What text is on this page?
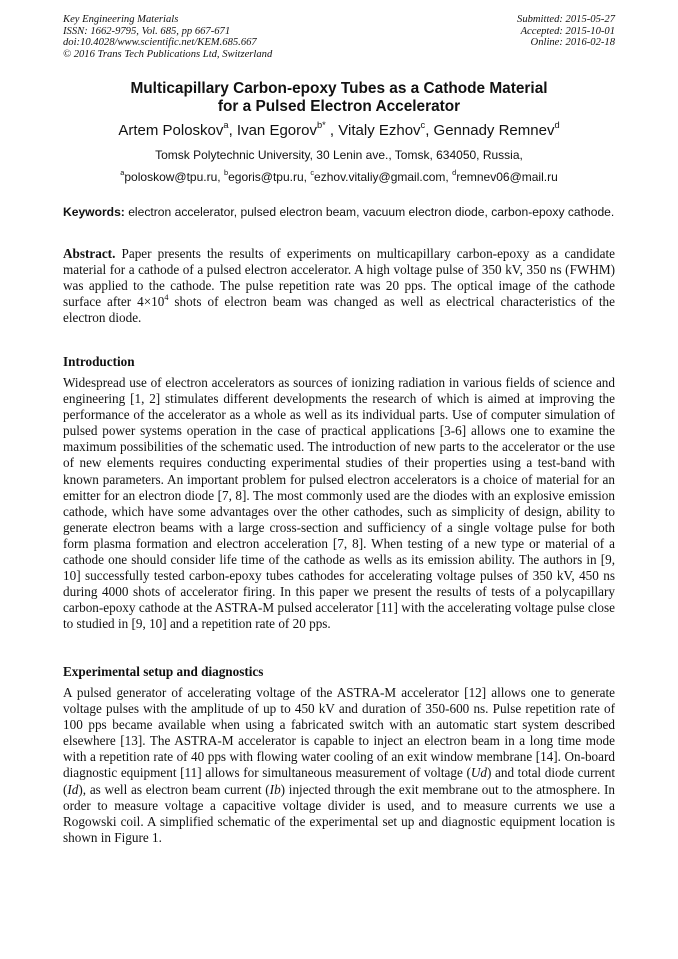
Key Engineering Materials
ISSN: 1662-9795, Vol. 685, pp 667-671
doi:10.4028/www.scientific.net/KEM.685.667
© 2016 Trans Tech Publications Ltd, Switzerland
Submitted: 2015-05-27
Accepted: 2015-10-01
Online: 2016-02-18
Multicapillary Carbon-epoxy Tubes as a Cathode Material
for a Pulsed Electron Accelerator
Artem Poloskov$^a$, Ivan Egorov$^{b*}$ , Vitaly Ezhov$^c$, Gennady Remnev$^d$
Tomsk Polytechnic University, 30 Lenin ave., Tomsk, 634050, Russia,
$^a$poloskow@tpu.ru, $^b$egoris@tpu.ru, $^c$ezhov.vitaliy@gmail.com, $^d$remnev06@mail.ru
Keywords: electron accelerator, pulsed electron beam, vacuum electron diode, carbon-epoxy cathode.
Abstract. Paper presents the results of experiments on multicapillary carbon-epoxy as a candidate material for a cathode of a pulsed electron accelerator. A high voltage pulse of 350 kV, 350 ns (FWHM) was applied to the cathode. The pulse repetition rate was 20 pps. The optical image of the cathode surface after $4\times 10^4$ shots of electron beam was changed as well as electrical characteristics of the electron diode.
Introduction
Widespread use of electron accelerators as sources of ionizing radiation in various fields of science and engineering [1, 2] stimulates different developments the research of which is aimed at improving the performance of the accelerator as a whole as well as its individual parts. Use of computer simulation of pulsed power systems operation in the case of practical applications [3-6] allows one to examine the maximum possibilities of the schematic used. The introduction of new parts to the accelerator or the use of new elements requires conducting experimental studies of their properties using a test-band with known parameters. An important problem for pulsed electron accelerators is a choice of material for an emitter for an electron diode [7, 8]. The most commonly used are the diodes with an explosive emission cathode, which have some advantages over the other cathodes, such as simplicity of design, ability to generate electron beams with a large cross-section and sufficiency of a single voltage pulse for both form plasma formation and electron acceleration [7, 8]. When testing of a new type or material of a cathode one should consider life time of the cathode as wells as its emission ability. The authors in [9, 10] successfully tested carbon-epoxy tubes cathodes for accelerating voltage pulses of 350 kV, 450 ns during 4000 shots of accelerator firing. In this paper we present the results of tests of a polycapillary carbon-epoxy cathode at the ASTRA-M pulsed accelerator [11] with the accelerating voltage pulse close to studied in [9, 10] and a repetition rate of 20 pps.
Experimental setup and diagnostics
A pulsed generator of accelerating voltage of the ASTRA-M accelerator [12] allows one to generate voltage pulses with the amplitude of up to 450 kV and duration of 350-600 ns. Pulse repetition rate of 100 pps became available when using a fabricated switch with an automatic start system described elsewhere [13]. The ASTRA-M accelerator is capable to inject an electron beam in a long time mode with a repetition rate of 40 pps with flowing water cooling of an exit window membrane [14]. On-board diagnostic equipment [11] allows for simultaneous measurement of voltage (Ud) and total diode current (Id), as well as electron beam current (Ib) injected through the exit membrane out to the atmosphere. In order to measure voltage a capacitive voltage divider is used, and to measure currents we use a Rogowski coil. A simplified schematic of the experimental set up and diagnostic equipment location is shown in Figure 1.
